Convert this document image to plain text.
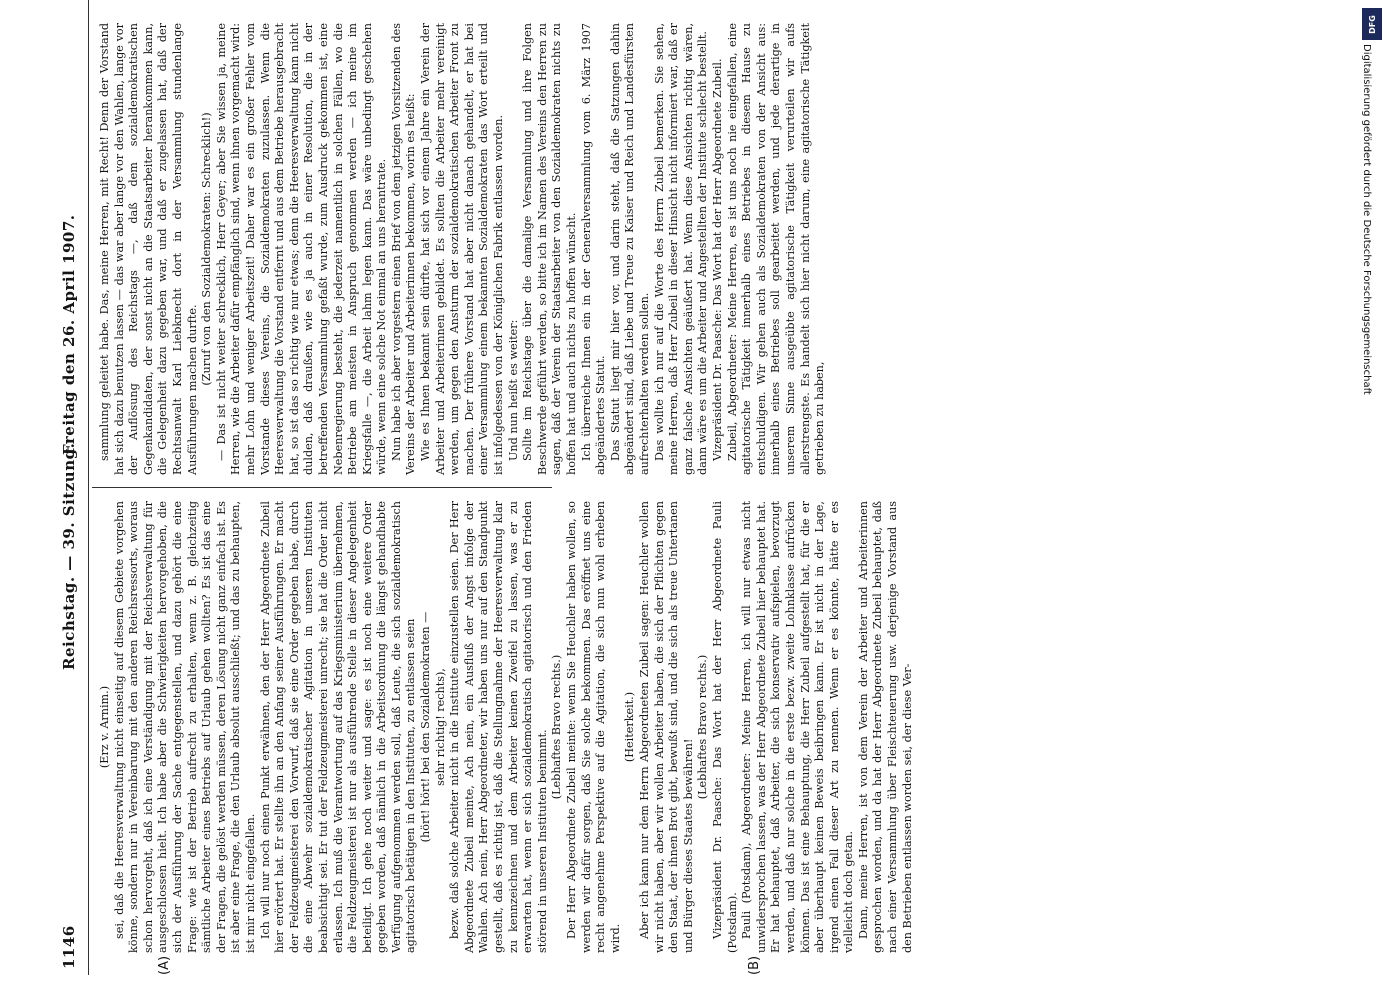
1146
Reichstag. — 39. Sitzung.
Freitag den 26. April 1907.
(A)	(B)

(Erz v. Arnim.) sei, daß die Heeresverwaltung nicht einseitig auf diesem Gebiete vorgehen könne, sondern nur in Vereinbarung mit den anderen Reichsressorts, woraus schon hervorgeht, daß ich eine Verständigung mit der Reichsverwaltung für ausgeschlossen hielt. Ich habe aber die Schwierigkeiten hervorgehoben, die sich der Ausführung der Sache entgegenstellen, und dazu gehört die eine Frage: wie ist der Betrieb aufrecht zu erhalten, wenn z. B. gleichzeitig sämtliche Arbeiter eines Betriebs auf Urlaub gehen wollten? Es ist das eine der Fragen, die gelöst werden müssen, deren Lösung nicht ganz einfach ist. Es ist aber eine Frage, die den Urlaub absolut ausschließt; und das zu behaupten, ist mir nicht eingefallen. Ich will nur noch einen Punkt erwähnen, den der Herr Abgeordnete Zubeil hier erörtert hat. Er stellte ihn an den Anfang seiner Ausführungen. Er macht der Feldzeugmeisterei den Vorwurf, daß sie eine Order gegeben habe, durch die eine Abwehr sozialdemokratischer Agitation in unseren Instituten beabsichtigt sei. Er tut der Feldzeugmeisterei unrecht; sie hat die Order nicht erlassen. Ich muß die Verantwortung auf das Kriegsministerium übernehmen, die Feldzeugmeisterei ist nur als ausführende Stelle in dieser Angelegenheit beteiligt. Ich gehe noch weiter und sage: es ist noch eine weitere Order gegeben worden, daß nämlich in die Arbeitsordnung die längst gehandhabte Verfügung aufgenommen werden soll, daß Leute, die sich sozialdemokratisch agitatorisch betätigen in den Instituten, zu entlassen seien (hört! hört! bei den Sozialdemokraten — sehr richtig! rechts), bezw. daß solche Arbeiter nicht in die Institute einzustellen seien. Der Herr Abgeordnete Zubeil meinte, Ach nein, ein Ausfluß der Angst infolge der Wahlen. Ach nein, Herr Abgeordneter, wir haben uns nur auf den Standpunkt gestellt, daß es richtig ist, daß die Stellungnahme der Heeresverwaltung klar zu kennzeichnen und dem Arbeiter keinen Zweifel zu lassen, was er zu erwarten hat, wenn er sich sozialdemokratisch agitatorisch und den Frieden störend in unseren Instituten benimmt.

(Lebhaftes Bravo rechts.) Der Herr Abgeordnete Zubeil meinte: wenn Sie Heuchler haben wollen, so werden wir dafür sorgen, daß Sie solche bekommen. Das eröffnet uns eine recht angenehme Perspektive auf die Agitation, die sich nun wohl erheben wird.

(Heiterkeit.) Aber ich kann nur dem Herrn Abgeordneten Zubeil sagen: Heuchler wollen wir nicht haben, aber wir wollen Arbeiter haben, die sich der Pflichten gegen den Staat, der ihnen Brot gibt, bewußt sind, und die sich als treue Untertanen und Bürger dieses Staates bewähren!

(Lebhaftes Bravo rechts.) Vizepräsident Dr. Paasche: Das Wort hat der Herr Abgeordnete Pauli (Potsdam). Pauli (Potsdam), Abgeordneter: Meine Herren, ich will nur etwas nicht unwidersprochen lassen, was der Herr Abgeordnete Zubeil hier behauptet hat. Er hat behauptet, daß Arbeiter, die sich konservativ aufspielen, bevorzugt werden, und daß nur solche in die erste bezw. zweite Lohnklasse aufrücken können. Das ist eine Behauptung, die Herr Zubeil aufgestellt hat, für die er aber überhaupt keinen Beweis beibringen kann. Er ist nicht in der Lage, irgend einen Fall dieser Art zu nennen. Wenn er es könnte, hätte er es vielleicht doch getan. Dann, meine Herren, ist von dem Verein der Arbeiter und Arbeiterinnen gesprochen worden, und da hat der Herr Abgeordnete Zubeil behauptet, daß nach einer Versammlung über Fleischteuerung usw. derjenige Vorstand aus den Betrieben entlassen worden sei, der diese Ver-

sammlung geleitet habe. Das, meine Herren, mit Recht! Denn der Vorstand hat sich dazu benutzen lassen — das war aber lange vor den Wahlen, lange vor der Auflösung des Reichstags —, daß dem sozialdemokratischen Gegenkandidaten, der sonst nicht an die Staatsarbeiter herankommen kann, die Gelegenheit dazu gegeben war, und daß er zugelassen hat, daß der Rechtsanwalt Karl Liebknecht dort in der Versammlung stundenlange Ausführungen machen durfte.

(Zuruf von den Sozialdemokraten: Schrecklich!) — Das ist nicht weiter schrecklich, Herr Geyer; aber Sie wissen ja, meine Herren, wie die Arbeiter dafür empfänglich sind, wenn ihnen vorgemacht wird: mehr Lohn und weniger Arbeitszeit! Daher war es ein großer Fehler vom Vorstande dieses Vereins, die Sozialdemokraten zuzulassen. Wenn die Heeresverwaltung die Vorstand entfernt und aus dem Betriebe herausgebracht hat, so ist das so richtig wie nur etwas; denn die Heeresverwaltung kann nicht dulden, daß draußen, wie es ja auch in einer Resolution, die in der betreffenden Versammlung gefaßt wurde, zum Ausdruck gekommen ist, eine Nebenregierung besteht, die jederzeit namentlich in solchen Fällen, wo die Betriebe am meisten in Anspruch genommen werden — ich meine im Kriegsfalle —, die Arbeit lahm legen kann. Das wäre unbedingt geschehen würde, wenn eine solche Not einmal an uns herantrate. Nun habe ich aber vorgestern einen Brief von dem jetzigen Vorsitzenden des Vereins der Arbeiter und Arbeiterinnen bekommen, worin es heißt: Wie es Ihnen bekannt sein dürfte, hat sich vor einem Jahre ein Verein der Arbeiter und Arbeiterinnen gebildet. Es sollten die Arbeiter mehr vereinigt werden, um gegen den Ansturm der sozialdemokratischen Arbeiter Front zu machen. Der frühere Vorstand hat aber nicht danach gehandelt, er hat bei einer Versammlung einem bekannten Sozialdemokraten das Wort erteilt und ist infolgedessen von der Königlichen Fabrik entlassen worden. Und nun heißt es weiter: Sollte im Reichstage über die damalige Versammlung und ihre Folgen Beschwerde geführt werden, so bitte ich im Namen des Vereins den Herren zu sagen, daß der Verein der Staatsarbeiter von den Sozialdemokraten nichts zu hoffen hat und auch nichts zu hoffen wünscht. Ich überreiche Ihnen ein in der Generalversammlung vom 6. März 1907 abgeändertes Statut. Das Statut liegt mir hier vor, und darin steht, daß die Satzungen dahin abgeändert sind, daß Liebe und Treue zu Kaiser und Reich und Landesfürsten aufrechterhalten werden sollen. Das wollte ich nur auf die Worte des Herrn Zubeil bemerken. Sie sehen, meine Herren, daß Herr Zubeil in dieser Hinsicht nicht informiert war, daß er ganz falsche Ansichten geäußert hat. Wenn diese Ansichten richtig wären, dann wäre es um die Arbeiter und Angestellten der Institute schlecht bestellt. Vizepräsident Dr. Paasche: Das Wort hat der Herr Abgeordnete Zubeil. Zubeil, Abgeordneter: Meine Herren, es ist uns noch nie eingefallen, eine agitatorische Tätigkeit innerhalb eines Betriebes in diesem Hause zu entschuldigen. Wir gehen auch als Sozialdemokraten von der Ansicht aus: innerhalb eines Betriebes soll gearbeitet werden, und jede derartige in unserem Sinne ausgeübte agitatorische Tätigkeit verurteilen wir aufs allerstrengste. Es handelt sich hier nicht darum, eine agitatorische Tätigkeit getrieben zu haben,

DFG
Digitalisierung gefördert durch die Deutsche Forschungsgemeinschaft
